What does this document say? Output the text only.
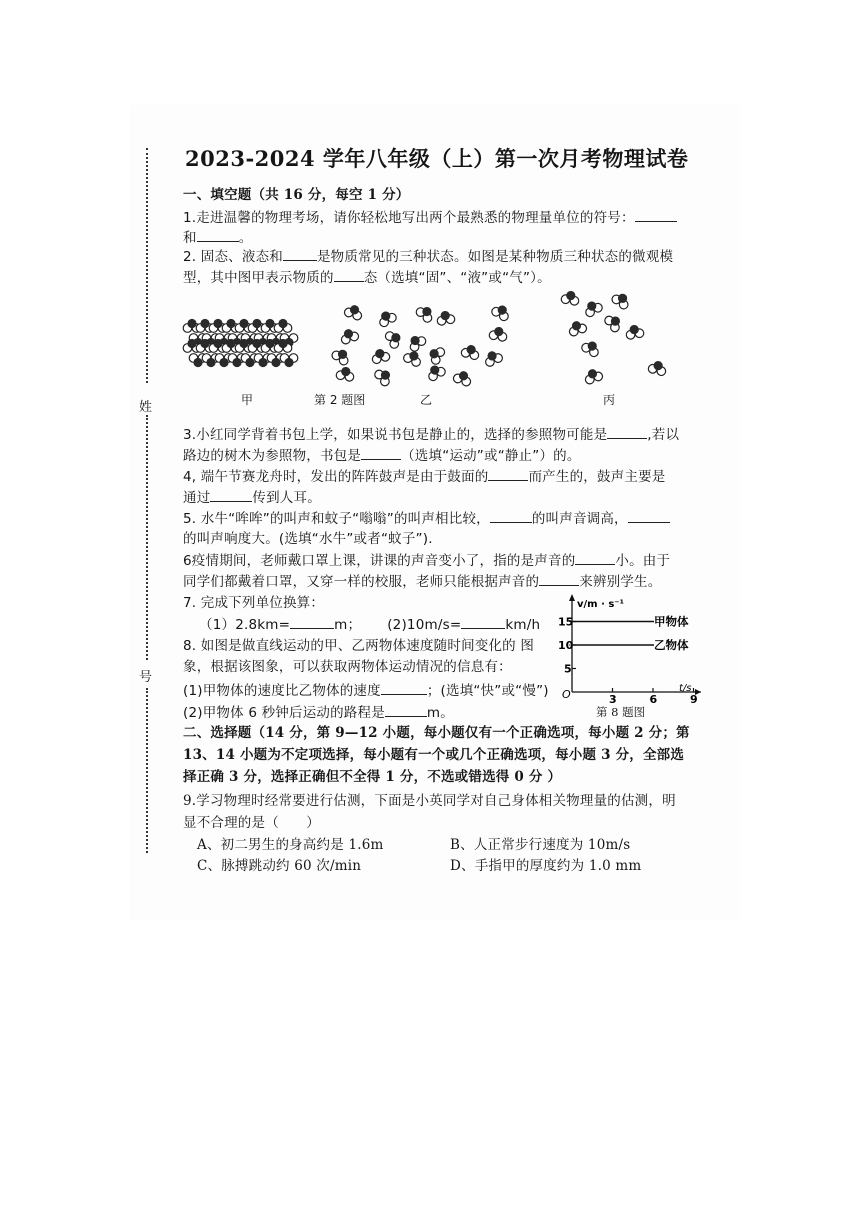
姓
号
2023-2024 学年八年级（上）第一次月考物理试卷
一、填空题（共 16 分，每空 1 分）
1.走进温馨的物理考场，请你轻松地写出两个最熟悉的物理量单位的符号：
和	。
2. 固态、液态和	是物质常见的三种状态。如图是某种物质三种状态的微观模
型，其中图甲表示物质的 态（选填“固”、“液”或“气”）。
甲	第 2 题图	乙	丙
3.小红同学背着书包上学，如果说书包是静止的，选择的参照物可能是	,若以
路边的树木为参照物，书包是	（选填“运动”或“静止”）的。
4, 端午节赛龙舟时，发出的阵阵鼓声是由于鼓面的	而产生的，鼓声主要是
通过	传到人耳。
5. 水牛“哞哞”的叫声和蚊子“嗡嗡”的叫声相比较，	的叫声音调高，
的叫声响度大。(选填“水牛”或者“蚊子”).
6疫情期间，老师戴口罩上课，讲课的声音变小了，指的是声音的	小。由于
同学们都戴着口罩，又穿一样的校服，老师只能根据声音的	来辨别学生。
7. 完成下列单位换算：
（1）2.8km=	m； (2)10m/s=	km/h
8. 如图是做直线运动的甲、乙两物体速度随时间变化的 图
象，根据该图象，可以获取两物体运动情况的信息有：
(1)甲物体的速度比乙物体的速度	；(选填“快”或“慢”)
(2)甲物体 6 秒钟后运动的路程是	m。
v/m · s⁻¹
t/s
O	3	6	9
15
10
5
甲物体
乙物体
第 8 题图
二、选择题（14 分，第 9—12 小题，每小题仅有一个正确选项，每小题 2 分；第
13、14 小题为不定项选择，每小题有一个或几个正确选项，每小题 3 分，全部选
择正确 3 分，选择正确但不全得 1 分，不选或错选得 0 分 ）
9.学习物理时经常要进行估测，下面是小英同学对自己身体相关物理量的估测，明
显不合理的是（　　）
A、初二男生的身高约是 1.6m	B、人正常步行速度为 10m/s
C、脉搏跳动约 60 次/min	D、手指甲的厚度约为 1.0 mm
